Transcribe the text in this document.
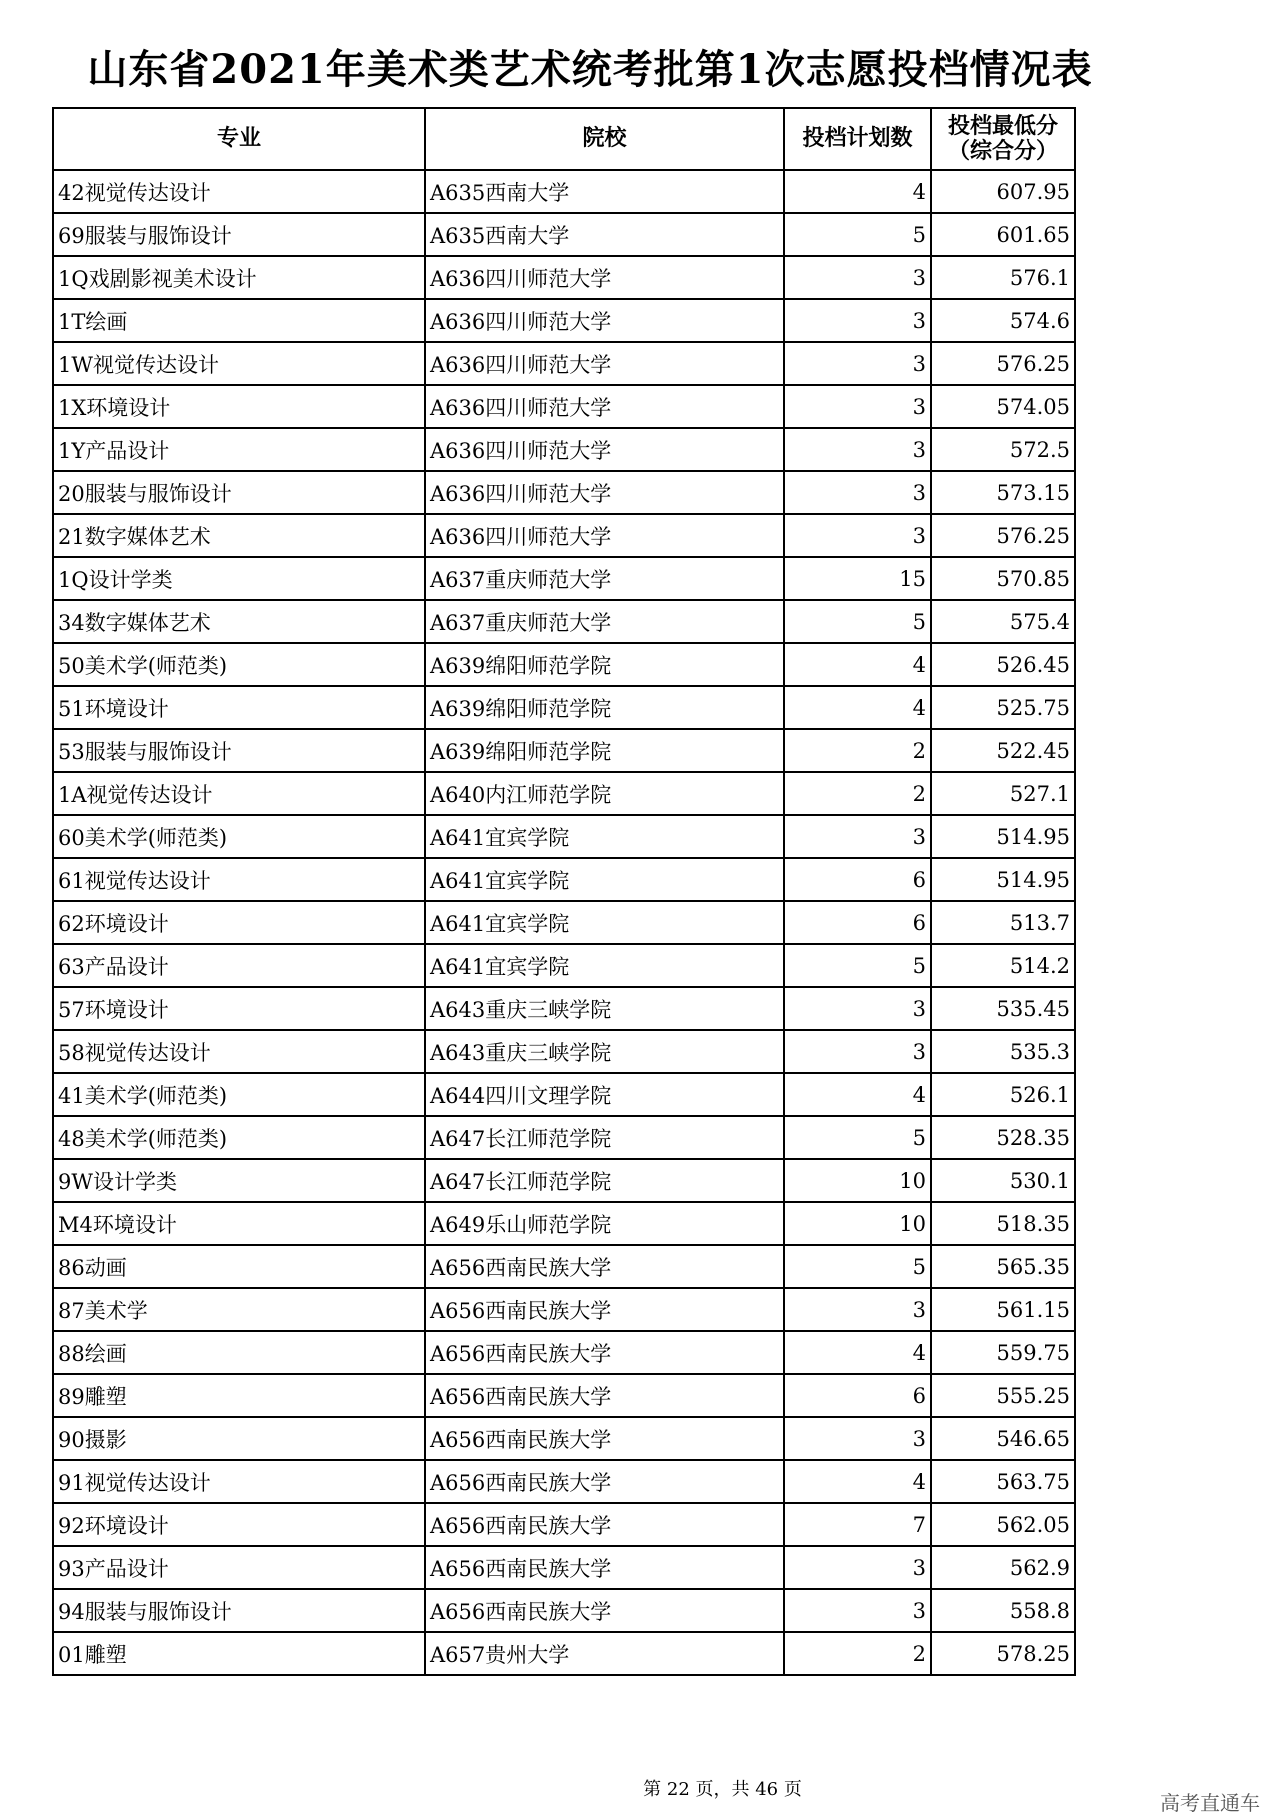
山东省2021年美术类艺术统考批第1次志愿投档情况表
专业	院校	投档计划数	投档最低分
（综合分）
42视觉传达设计	A635西南大学	4	607.95
69服装与服饰设计	A635西南大学	5	601.65
1Q戏剧影视美术设计	A636四川师范大学	3	576.1
1T绘画	A636四川师范大学	3	574.6
1W视觉传达设计	A636四川师范大学	3	576.25
1X环境设计	A636四川师范大学	3	574.05
1Y产品设计	A636四川师范大学	3	572.5
20服装与服饰设计	A636四川师范大学	3	573.15
21数字媒体艺术	A636四川师范大学	3	576.25
1Q设计学类	A637重庆师范大学	15	570.85
34数字媒体艺术	A637重庆师范大学	5	575.4
50美术学(师范类)	A639绵阳师范学院	4	526.45
51环境设计	A639绵阳师范学院	4	525.75
53服装与服饰设计	A639绵阳师范学院	2	522.45
1A视觉传达设计	A640内江师范学院	2	527.1
60美术学(师范类)	A641宜宾学院	3	514.95
61视觉传达设计	A641宜宾学院	6	514.95
62环境设计	A641宜宾学院	6	513.7
63产品设计	A641宜宾学院	5	514.2
57环境设计	A643重庆三峡学院	3	535.45
58视觉传达设计	A643重庆三峡学院	3	535.3
41美术学(师范类)	A644四川文理学院	4	526.1
48美术学(师范类)	A647长江师范学院	5	528.35
9W设计学类	A647长江师范学院	10	530.1
M4环境设计	A649乐山师范学院	10	518.35
86动画	A656西南民族大学	5	565.35
87美术学	A656西南民族大学	3	561.15
88绘画	A656西南民族大学	4	559.75
89雕塑	A656西南民族大学	6	555.25
90摄影	A656西南民族大学	3	546.65
91视觉传达设计	A656西南民族大学	4	563.75
92环境设计	A656西南民族大学	7	562.05
93产品设计	A656西南民族大学	3	562.9
94服装与服饰设计	A656西南民族大学	3	558.8
01雕塑	A657贵州大学	2	578.25
第 22 页，共 46 页
高考直通车
